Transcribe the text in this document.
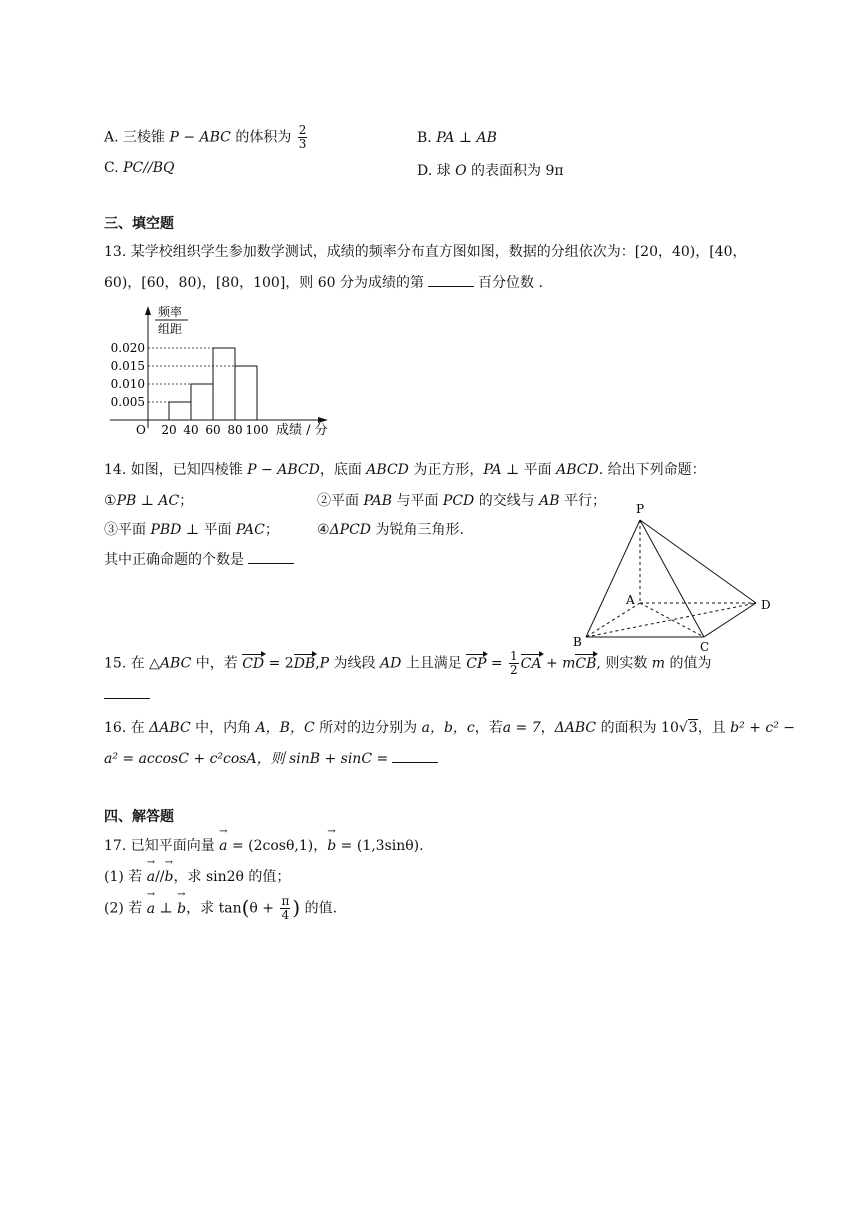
A. 三棱锥 P − ABC 的体积为 $\frac{2}{3}$	B. PA ⊥ AB
C. PC//BQ	D. 球 O 的表面积为 9π
三、填空题
13. 某学校组织学生参加数学测试，成绩的频率分布直方图如图，数据的分组依次为：[20，40)，[40，
60)，[60，80)，[80，100]，则 60 分为成绩的第	百分位数 .
0.005
0.010
0.015
0.020
20 40 60 80 100
O	成绩 / 分
频率
组距
14. 如图，已知四棱锥 P − ABCD，底面 ABCD 为正方形，PA ⊥ 平面 ABCD. 给出下列命题：
①PB ⊥ AC；	②平面 PAB 与平面 PCD 的交线与 AB 平行；
③平面 PBD ⊥ 平面 PAC；	④ΔPCD 为锐角三角形.
其中正确命题的个数是
P
A
B	C
D
15. 在 △ABC 中，若 CD = 2DB,P 为线段 AD 上且满足 CP = $\frac{1}{2}$ CA + mCB, 则实数 m 的值为
16. 在 ΔABC 中，内角 A，B，C 所对的边分别为 a，b，c，若a = 7，ΔABC 的面积为 10√3，且 b² + c² −
a² = accosC + c²cosA，则 sinB + sinC =
四、解答题
17. 已知平面向量 → a = (2cosθ,1)，→ b = (1,3sinθ).
(1) 若 → a//→ b，求 sin2θ 的值；
(2) 若 → a ⊥ → b，求 $\tan(\theta + \frac{\pi}{4}$ ) 的值.
